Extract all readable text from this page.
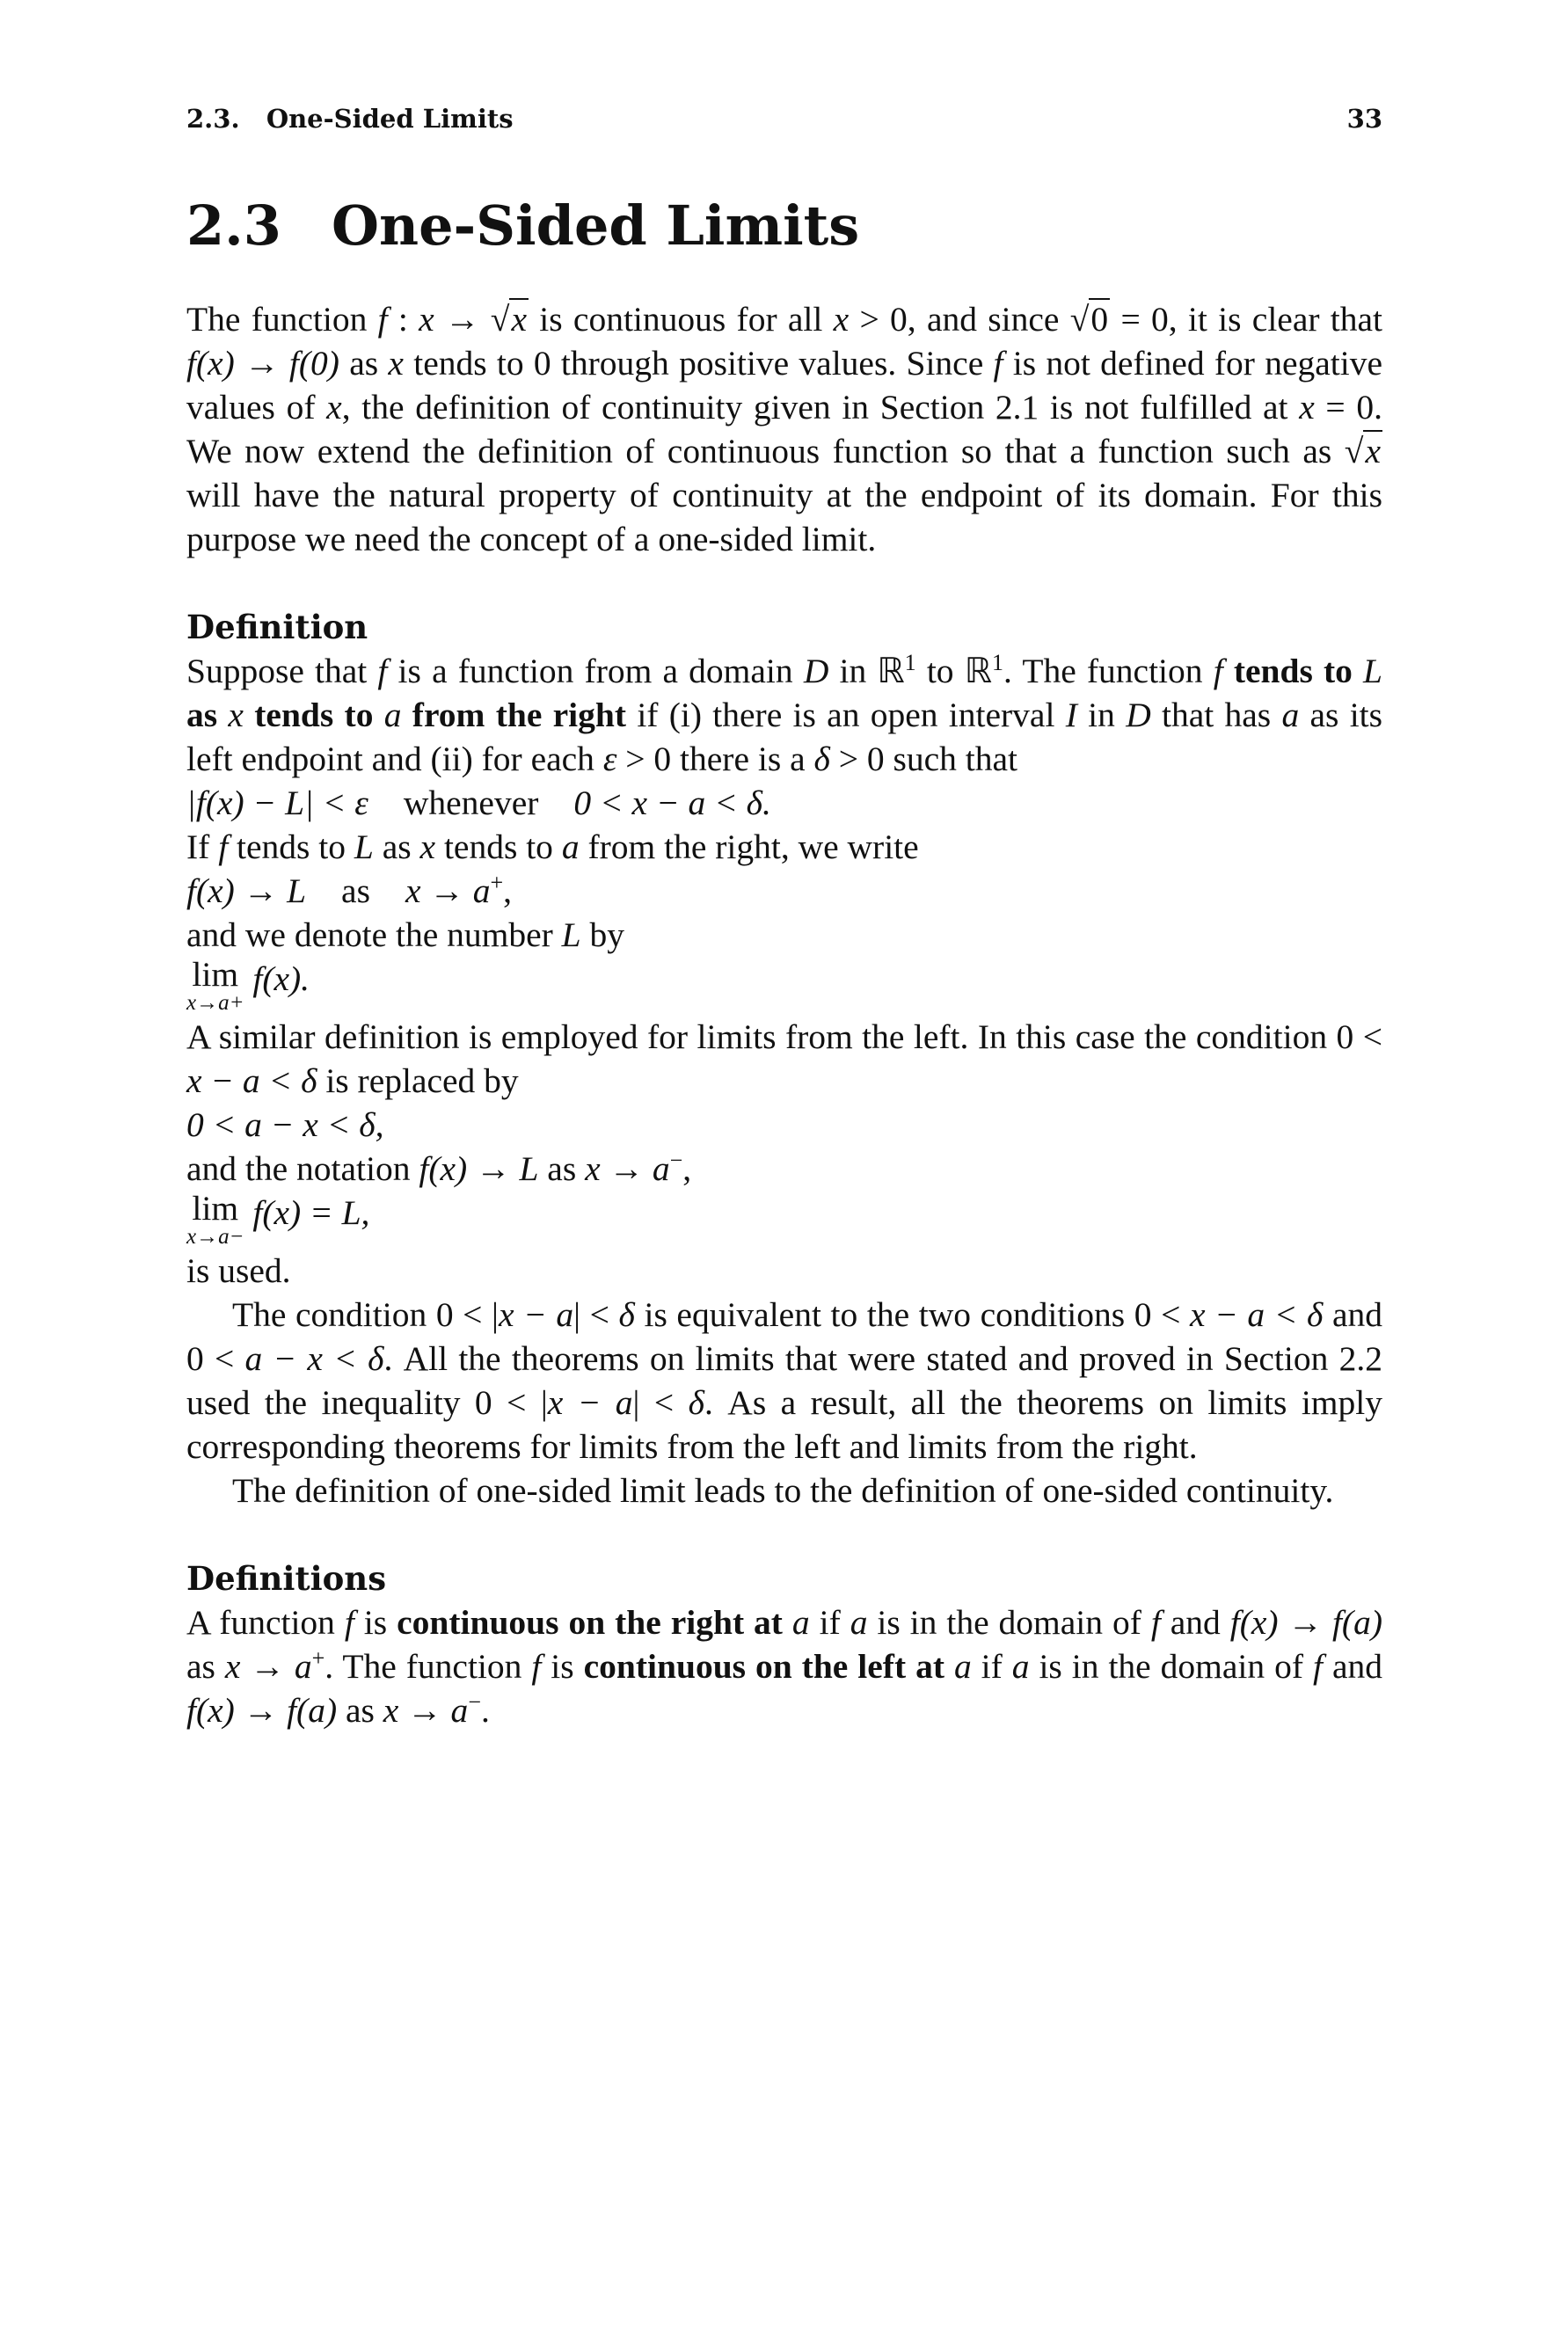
2.3.   One-Sided Limits	33
2.3 One-Sided Limits

The function f : x → √x is continuous for all x > 0, and since √0 = 0, it is clear that f(x) → f(0) as x tends to 0 through positive values. Since f is not defined for negative values of x, the definition of continuity given in Section 2.1 is not fulfilled at x = 0. We now extend the definition of continuous function so that a function such as √x will have the natural property of continuity at the endpoint of its domain. For this purpose we need the concept of a one-sided limit.

Definition

Suppose that f is a function from a domain D in ℝ$^1$ to ℝ$^1$. The function f tends to L as x tends to a from the right if (i) there is an open interval I in D that has a as its left endpoint and (ii) for each ε > 0 there is a δ > 0 such that

|f(x) − L| < ε whenever 0 < x − a < δ.

If f tends to L as x tends to a from the right, we write

f(x) → L as x → a+,

and we denote the number L by

lim
x→a+
f(x).

A similar definition is employed for limits from the left. In this case the condition 0 < x − a < δ is replaced by

0 < a − x < δ,

and the notation f(x) → L as x → a−,

lim
x→a−
f(x) = L,

is used.

The condition 0 < |x − a| < δ is equivalent to the two conditions 0 < x − a < δ and 0 < a − x < δ. All the theorems on limits that were stated and proved in Section 2.2 used the inequality 0 < |x − a| < δ. As a result, all the theorems on limits imply corresponding theorems for limits from the left and limits from the right.

The definition of one-sided limit leads to the definition of one-sided continuity.

Definitions

A function f is continuous on the right at a if a is in the domain of f and f(x) → f(a) as x → a+. The function f is continuous on the left at a if a is in the domain of f and f(x) → f(a) as x → a−.
